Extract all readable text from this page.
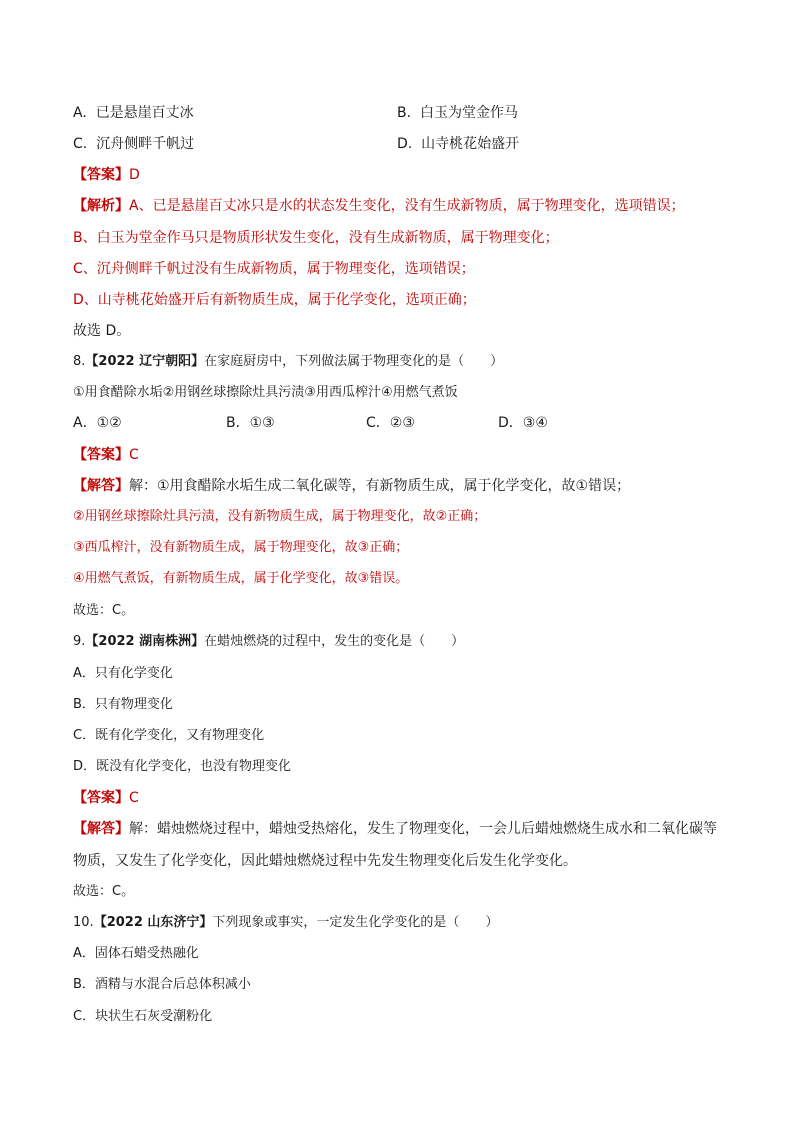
A. 已是悬崖百丈冰	B. 白玉为堂金作马
C. 沉舟侧畔千帆过	D. 山寺桃花始盛开
【答案】D
【解析】A、已是悬崖百丈冰只是水的状态发生变化，没有生成新物质，属于物理变化，选项错误；
B、白玉为堂金作马只是物质形状发生变化，没有生成新物质，属于物理变化；
C、沉舟侧畔千帆过没有生成新物质，属于物理变化，选项错误；
D、山寺桃花始盛开后有新物质生成，属于化学变化，选项正确；
故选 D。
8.【2022 辽宁朝阳】在家庭厨房中，下列做法属于物理变化的是（　　）
①用食醋除水垢②用钢丝球擦除灶具污渍③用西瓜榨汁④用燃气煮饭
A．①②	B．①③	C．②③	D．③④
【答案】C
【解答】解：①用食醋除水垢生成二氧化碳等，有新物质生成，属于化学变化，故①错误；
②用钢丝球擦除灶具污渍，没有新物质生成，属于物理变化，故②正确；
③西瓜榨汁，没有新物质生成，属于物理变化，故③正确；
④用燃气煮饭，有新物质生成，属于化学变化，故③错误。
故选：C。
9.【2022 湖南株洲】在蜡烛燃烧的过程中，发生的变化是（　　）
A．只有化学变化
B．只有物理变化
C．既有化学变化，又有物理变化
D．既没有化学变化，也没有物理变化
【答案】C
【解答】解：蜡烛燃烧过程中，蜡烛受热熔化，发生了物理变化，一会儿后蜡烛燃烧生成水和二氧化碳等
物质，又发生了化学变化，因此蜡烛燃烧过程中先发生物理变化后发生化学变化。
故选：C。
10.【2022 山东济宁】下列现象或事实，一定发生化学变化的是（　　）
A．固体石蜡受热融化
B．酒精与水混合后总体积减小
C．块状生石灰受潮粉化
